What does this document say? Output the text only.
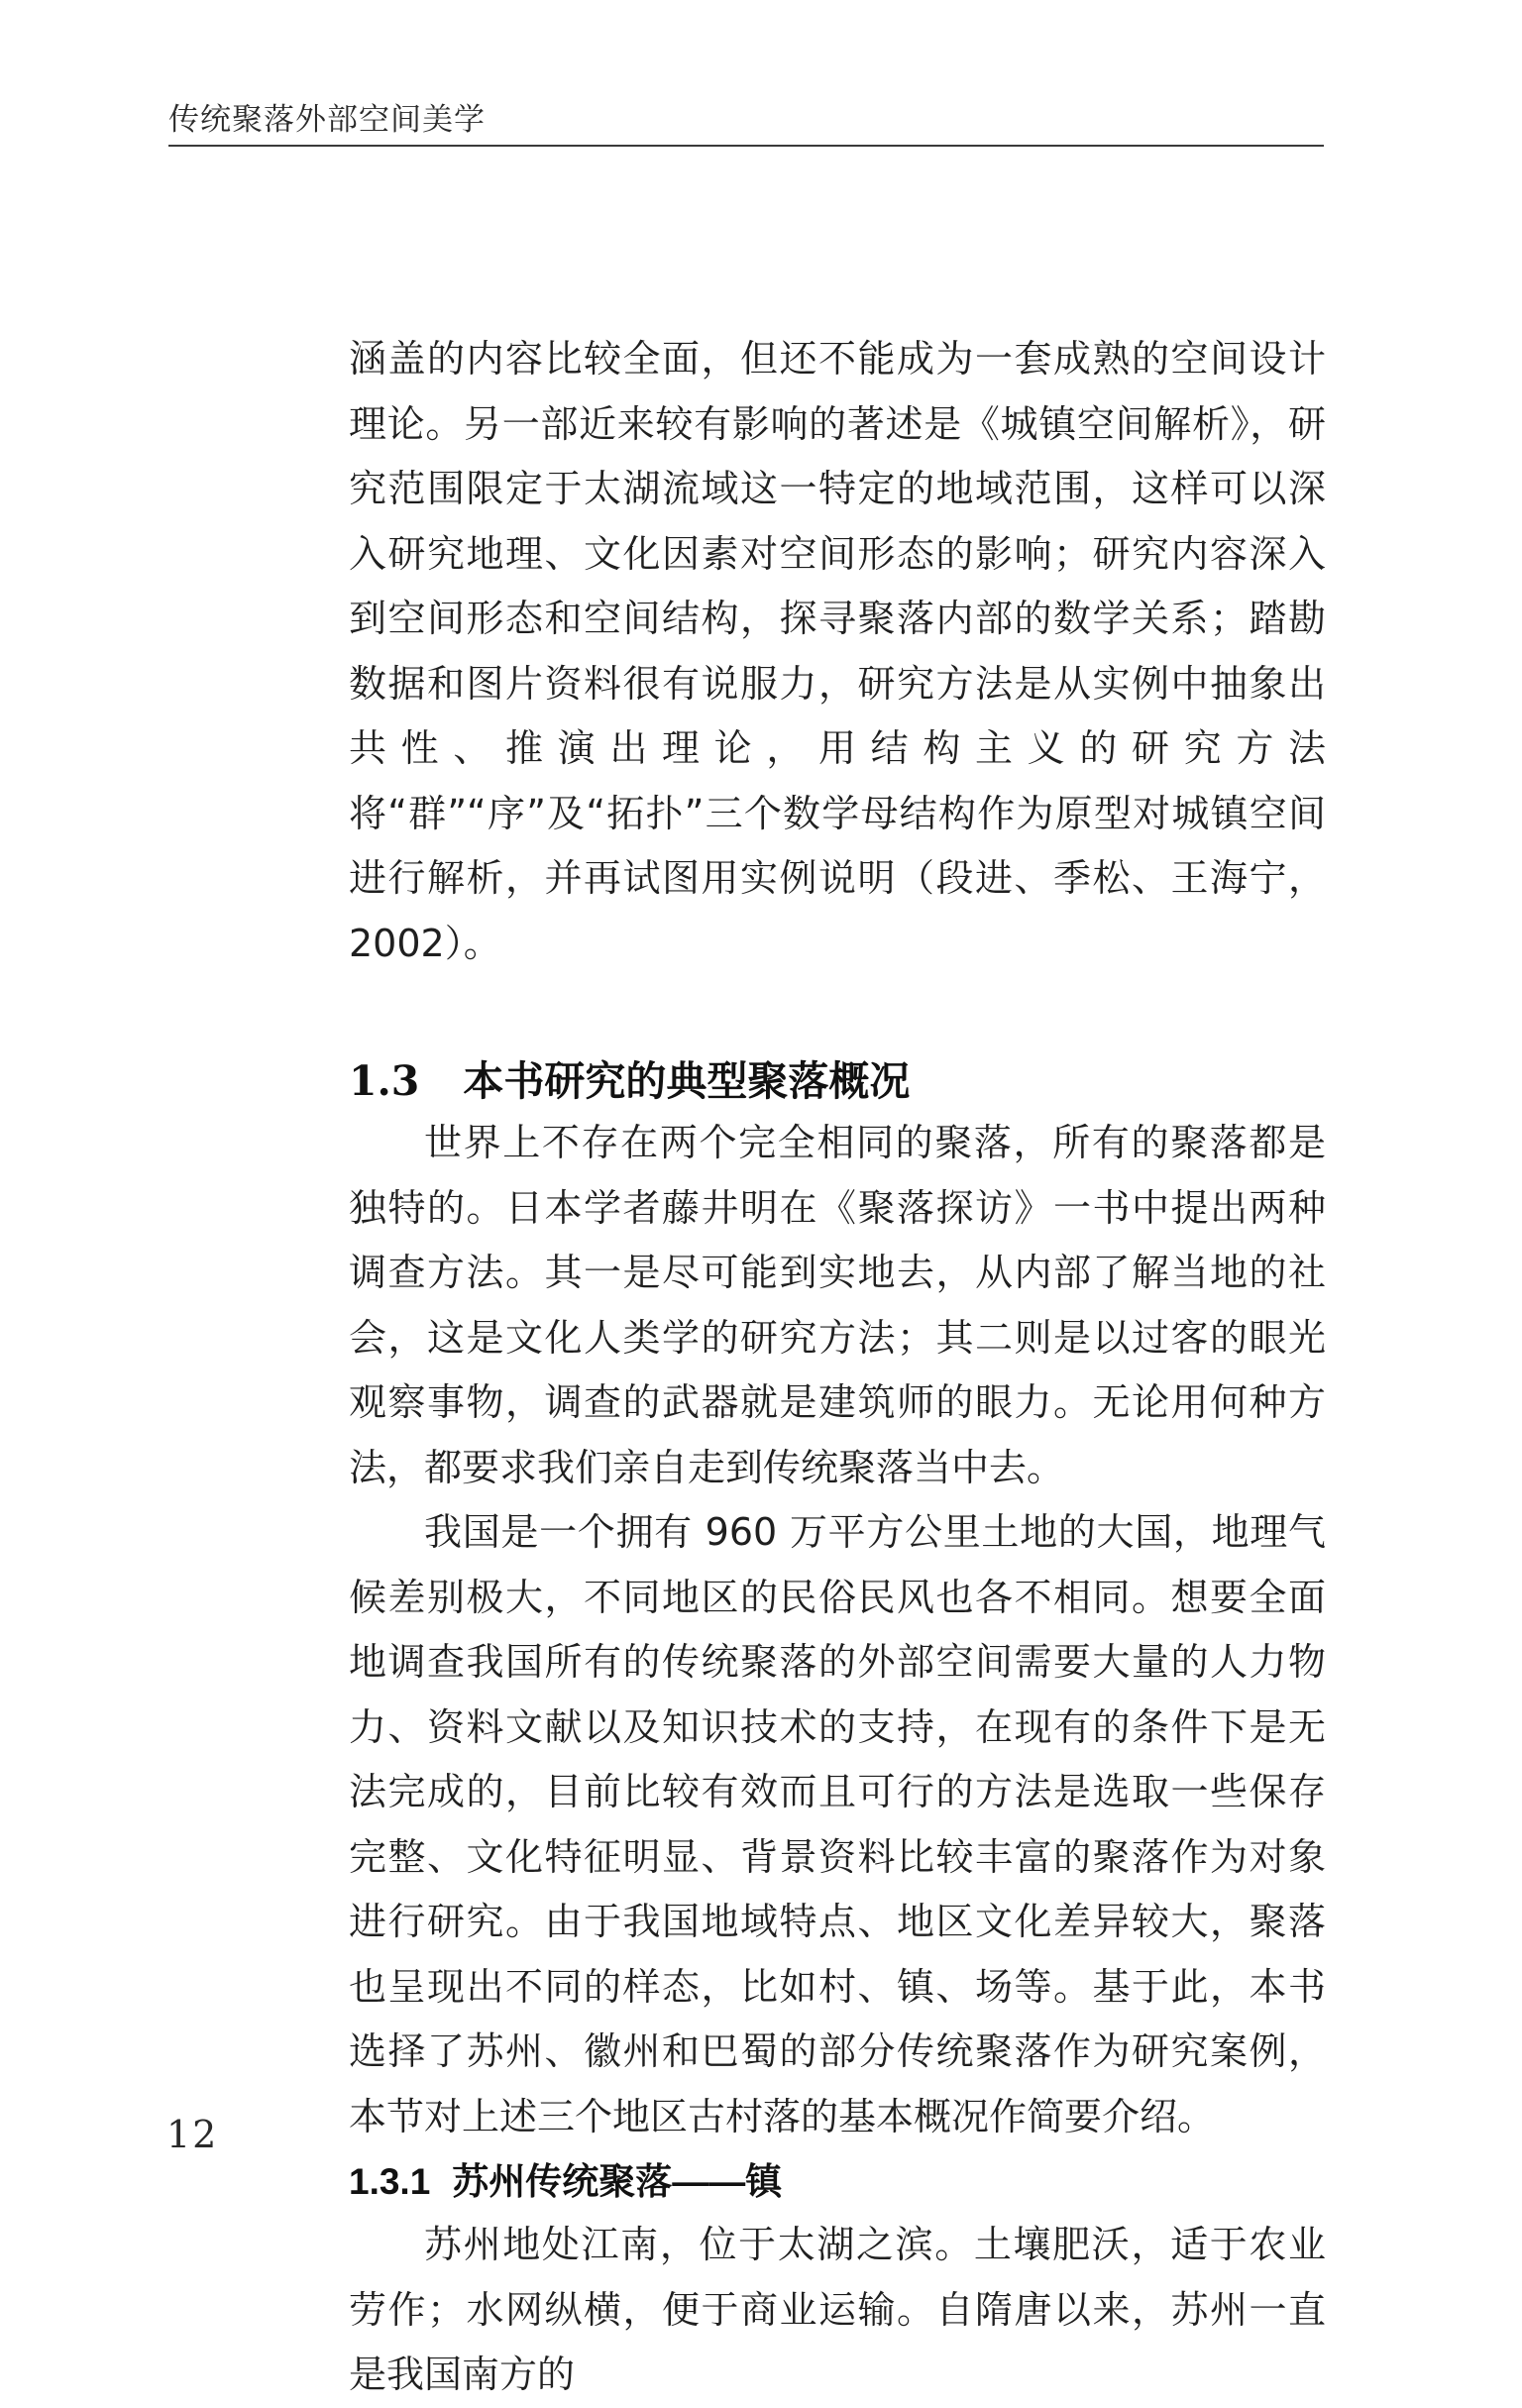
传统聚落外部空间美学

涵盖的内容比较全面，但还不能成为一套成熟的空间设计理论。另一部近来较有影响的著述是《城镇空间解析》，研究范围限定于太湖流域这一特定的地域范围，这样可以深入研究地理、文化因素对空间形态的影响；研究内容深入到空间形态和空间结构，探寻聚落内部的数学关系；踏勘数据和图片资料很有说服力，研究方法是从实例中抽象出共性、推演出理论，用结构主义的研究方法将“群”“序”及“拓扑”三个数学母结构作为原型对城镇空间进行解析，并再试图用实例说明（段进、季松、王海宁，2002）。

1.3 本书研究的典型聚落概况

世界上不存在两个完全相同的聚落，所有的聚落都是独特的。日本学者藤井明在《聚落探访》一书中提出两种调查方法。其一是尽可能到实地去，从内部了解当地的社会，这是文化人类学的研究方法；其二则是以过客的眼光观察事物，调查的武器就是建筑师的眼力。无论用何种方法，都要求我们亲自走到传统聚落当中去。

我国是一个拥有 960 万平方公里土地的大国，地理气候差别极大，不同地区的民俗民风也各不相同。想要全面地调查我国所有的传统聚落的外部空间需要大量的人力物力、资料文献以及知识技术的支持，在现有的条件下是无法完成的，目前比较有效而且可行的方法是选取一些保存完整、文化特征明显、背景资料比较丰富的聚落作为对象进行研究。由于我国地域特点、地区文化差异较大，聚落也呈现出不同的样态，比如村、镇、场等。基于此，本书选择了苏州、徽州和巴蜀的部分传统聚落作为研究案例，本节对上述三个地区古村落的基本概况作简要介绍。

1.3.1 苏州传统聚落——镇

苏州地处江南，位于太湖之滨。土壤肥沃，适于农业劳作；水网纵横，便于商业运输。自隋唐以来，苏州一直是我国南方的

12
